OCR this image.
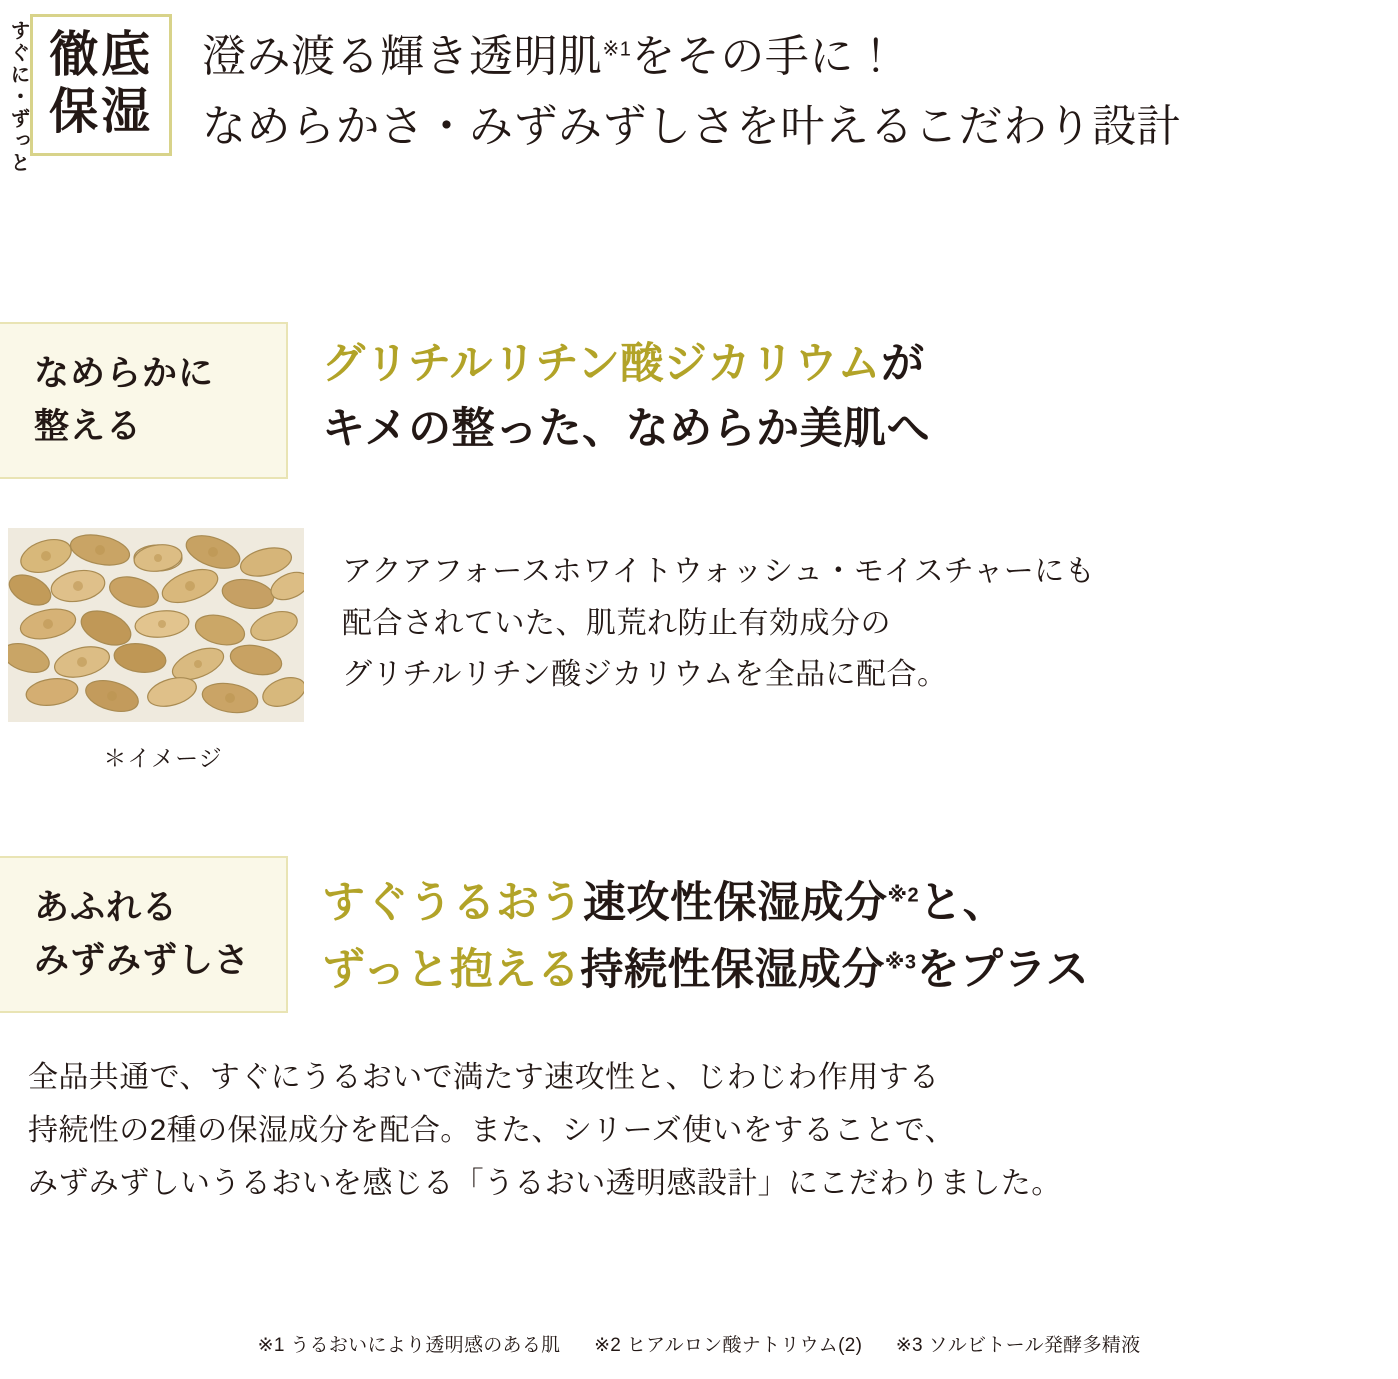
すぐに・ずっと 徹底
保湿
澄み渡る輝き透明肌$^{※1}$をその手に！
なめらかさ・みずみずしさを叶えるこだわり設計
なめらかに
整える
グリチルリチン酸ジカリウムが
キメの整った、なめらか美肌へ
＊イメージ

アクアフォースホワイトウォッシュ・モイスチャーにも

配合されていた、肌荒れ防止有効成分の

グリチルリチン酸ジカリウムを全品に配合。

あふれる
みずみずしさ
すぐうるおう速攻性保湿成分$^{※2}$と、
ずっと抱える持続性保湿成分$^{※3}$をプラス

全品共通で、すぐにうるおいで満たす速攻性と、じわじわ作用する

持続性の2種の保湿成分を配合。また、シリーズ使いをすることで、

みずみずしいうるおいを感じる「うるおい透明感設計」にこだわりました。

※1 うるおいにより透明感のある肌 ※2 ヒアルロン酸ナトリウム(2) ※3 ソルビトール発酵多精液
